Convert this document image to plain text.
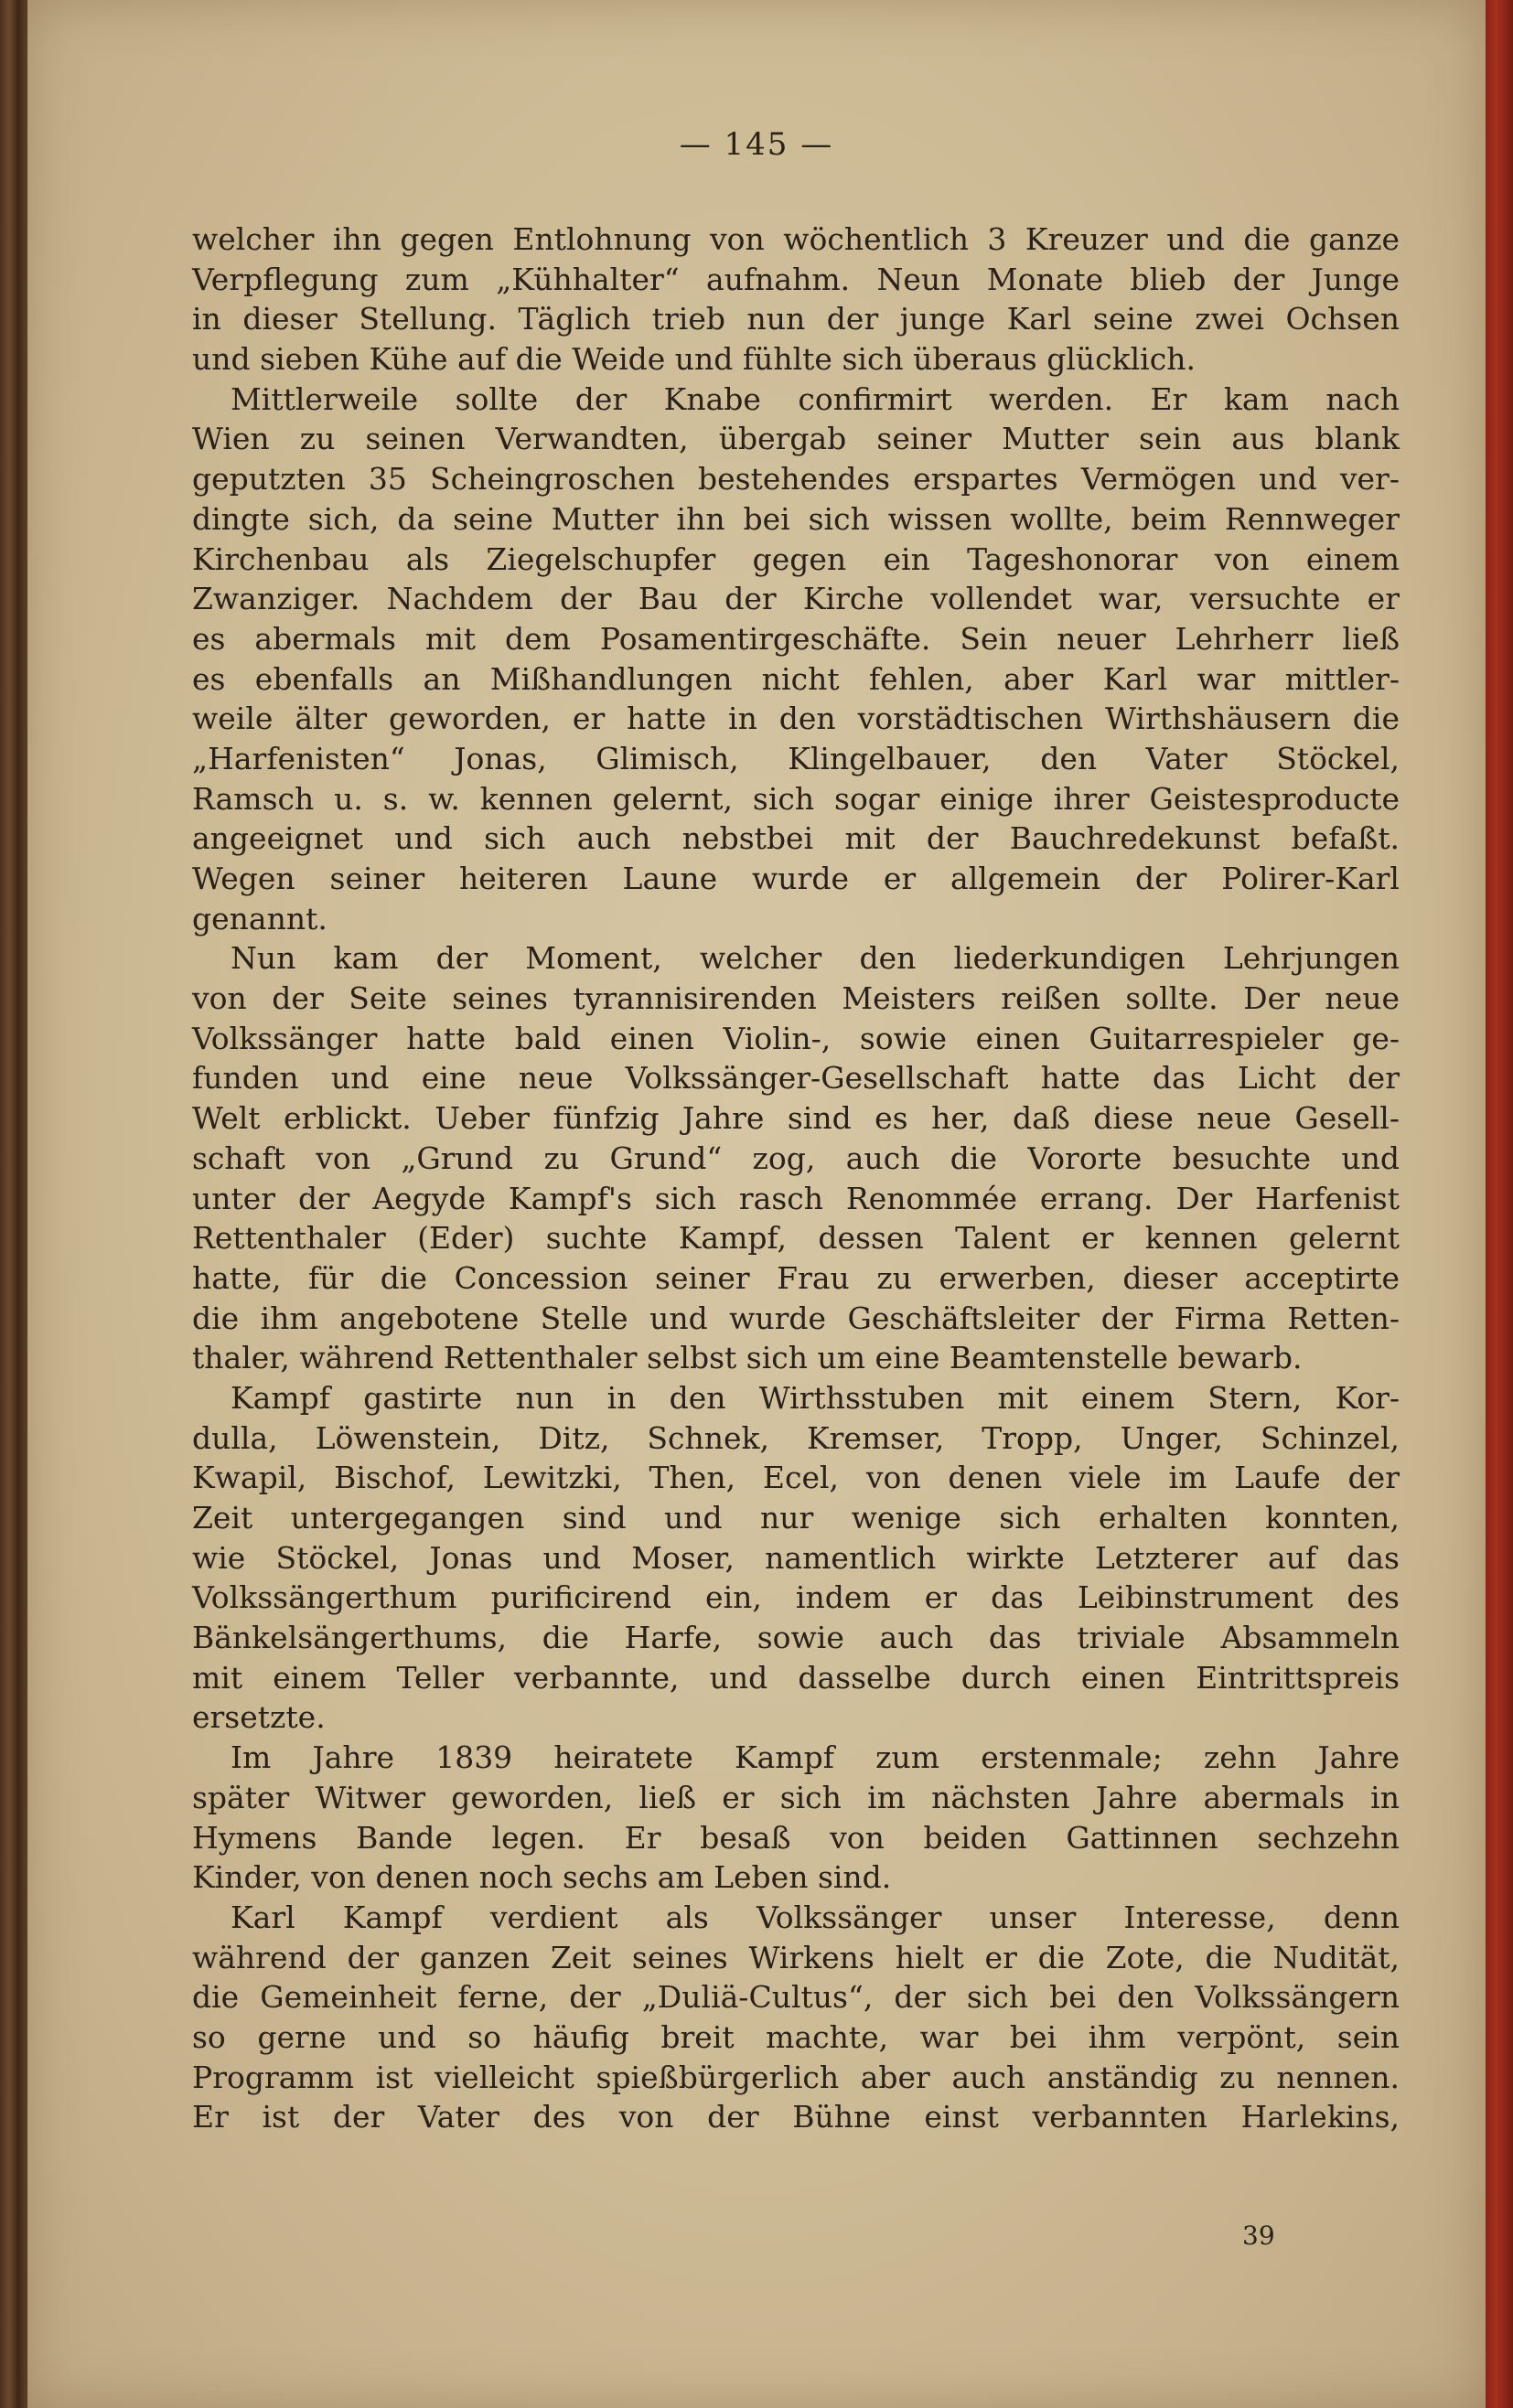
— 145 —
welcher ihn gegen Entlohnung von wöchentlich 3 Kreuzer und die ganze
Verpflegung zum „Kühhalter“ aufnahm. Neun Monate blieb der Junge
in dieser Stellung. Täglich trieb nun der junge Karl seine zwei Ochsen
und sieben Kühe auf die Weide und fühlte sich überaus glücklich.
Mittlerweile sollte der Knabe confirmirt werden. Er kam nach
Wien zu seinen Verwandten, übergab seiner Mutter sein aus blank
geputzten 35 Scheingroschen bestehendes erspartes Vermögen und ver-
dingte sich, da seine Mutter ihn bei sich wissen wollte, beim Rennweger
Kirchenbau als Ziegelschupfer gegen ein Tageshonorar von einem
Zwanziger. Nachdem der Bau der Kirche vollendet war, versuchte er
es abermals mit dem Posamentirgeschäfte. Sein neuer Lehrherr ließ
es ebenfalls an Mißhandlungen nicht fehlen, aber Karl war mittler-
weile älter geworden, er hatte in den vorstädtischen Wirthshäusern die
„Harfenisten“ Jonas, Glimisch, Klingelbauer, den Vater Stöckel,
Ramsch u. s. w. kennen gelernt, sich sogar einige ihrer Geistesproducte
angeeignet und sich auch nebstbei mit der Bauchredekunst befaßt.
Wegen seiner heiteren Laune wurde er allgemein der Polirer-Karl
genannt.
Nun kam der Moment, welcher den liederkundigen Lehrjungen
von der Seite seines tyrannisirenden Meisters reißen sollte. Der neue
Volkssänger hatte bald einen Violin-, sowie einen Guitarrespieler ge-
funden und eine neue Volkssänger-Gesellschaft hatte das Licht der
Welt erblickt. Ueber fünfzig Jahre sind es her, daß diese neue Gesell-
schaft von „Grund zu Grund“ zog, auch die Vororte besuchte und
unter der Aegyde Kampf's sich rasch Renommée errang. Der Harfenist
Rettenthaler (Eder) suchte Kampf, dessen Talent er kennen gelernt
hatte, für die Concession seiner Frau zu erwerben, dieser acceptirte
die ihm angebotene Stelle und wurde Geschäftsleiter der Firma Retten-
thaler, während Rettenthaler selbst sich um eine Beamtenstelle bewarb.
Kampf gastirte nun in den Wirthsstuben mit einem Stern, Kor-
dulla, Löwenstein, Ditz, Schnek, Kremser, Tropp, Unger, Schinzel,
Kwapil, Bischof, Lewitzki, Then, Ecel, von denen viele im Laufe der
Zeit untergegangen sind und nur wenige sich erhalten konnten,
wie Stöckel, Jonas und Moser, namentlich wirkte Letzterer auf das
Volkssängerthum purificirend ein, indem er das Leibinstrument des
Bänkelsängerthums, die Harfe, sowie auch das triviale Absammeln
mit einem Teller verbannte, und dasselbe durch einen Eintrittspreis
ersetzte.
Im Jahre 1839 heiratete Kampf zum erstenmale; zehn Jahre
später Witwer geworden, ließ er sich im nächsten Jahre abermals in
Hymens Bande legen. Er besaß von beiden Gattinnen sechzehn
Kinder, von denen noch sechs am Leben sind.
Karl Kampf verdient als Volkssänger unser Interesse, denn
während der ganzen Zeit seines Wirkens hielt er die Zote, die Nudität,
die Gemeinheit ferne, der „Duliä-Cultus“, der sich bei den Volkssängern
so gerne und so häufig breit machte, war bei ihm verpönt, sein
Programm ist vielleicht spießbürgerlich aber auch anständig zu nennen.
Er ist der Vater des von der Bühne einst verbannten Harlekins,
39
